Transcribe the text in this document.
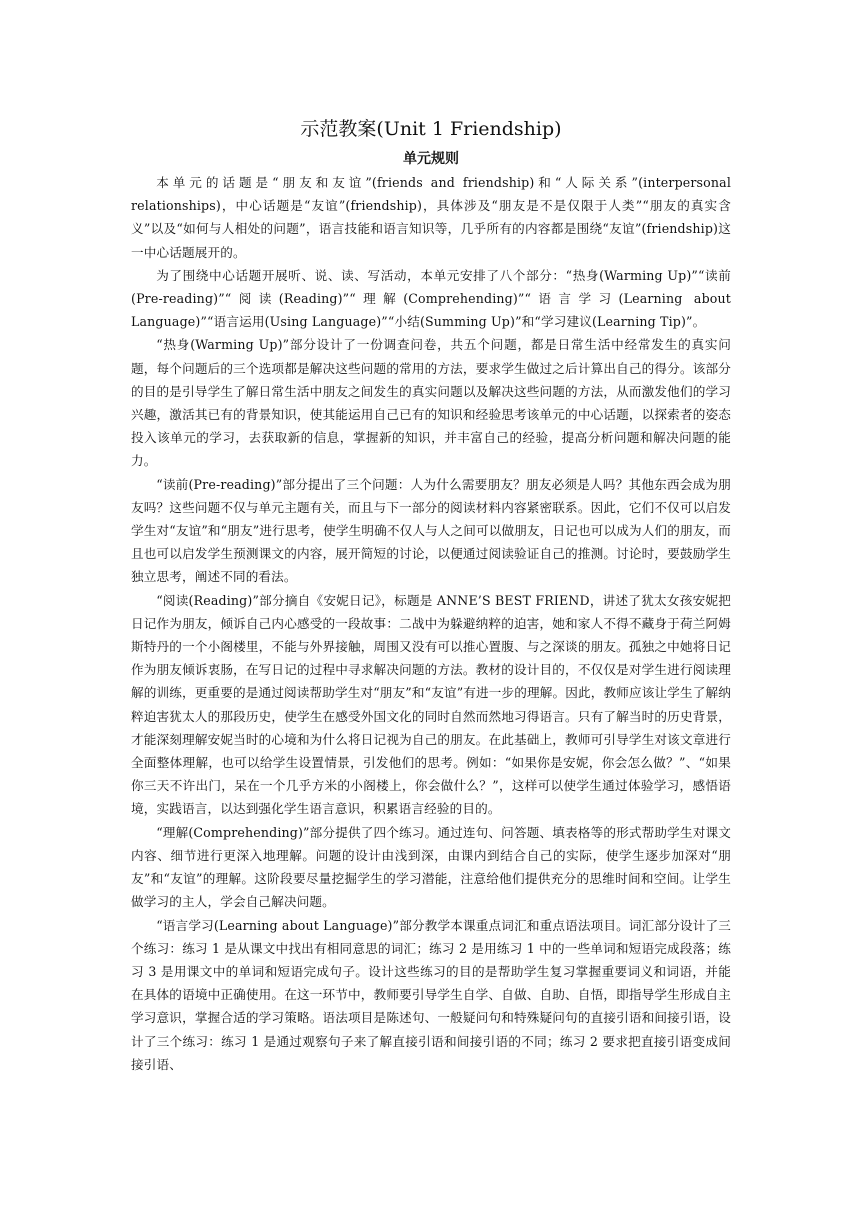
示范教案(Unit 1 Friendship)
单元规则

本单元的话题是“朋友和友谊”(friends and friendship)和“人际关系”(interpersonal relationships)，中心话题是“友谊”(friendship)，具体涉及“朋友是不是仅限于人类”“朋友的真实含义”以及“如何与人相处的问题”，语言技能和语言知识等，几乎所有的内容都是围绕“友谊”(friendship)这一中心话题展开的。

为了围绕中心话题开展听、说、读、写活动，本单元安排了八个部分：“热身(Warming Up)”“读前(Pre-reading)”“阅读(Reading)”“理解(Comprehending)”“语言学习(Learning about Language)”“语言运用(Using Language)”“小结(Summing Up)”和“学习建议(Learning Tip)”。

“热身(Warming Up)”部分设计了一份调查问卷，共五个问题，都是日常生活中经常发生的真实问题，每个问题后的三个选项都是解决这些问题的常用的方法，要求学生做过之后计算出自己的得分。该部分的目的是引导学生了解日常生活中朋友之间发生的真实问题以及解决这些问题的方法，从而激发他们的学习兴趣，激活其已有的背景知识，使其能运用自己已有的知识和经验思考该单元的中心话题，以探索者的姿态投入该单元的学习，去获取新的信息，掌握新的知识，并丰富自己的经验，提高分析问题和解决问题的能力。

“读前(Pre-reading)”部分提出了三个问题：人为什么需要朋友？朋友必须是人吗？其他东西会成为朋友吗？这些问题不仅与单元主题有关，而且与下一部分的阅读材料内容紧密联系。因此，它们不仅可以启发学生对“友谊”和“朋友”进行思考，使学生明确不仅人与人之间可以做朋友，日记也可以成为人们的朋友，而且也可以启发学生预测课文的内容，展开简短的讨论，以便通过阅读验证自己的推测。讨论时，要鼓励学生独立思考，阐述不同的看法。

“阅读(Reading)”部分摘自《安妮日记》，标题是 ANNE’S BEST FRIEND，讲述了犹太女孩安妮把日记作为朋友，倾诉自己内心感受的一段故事：二战中为躲避纳粹的迫害，她和家人不得不藏身于荷兰阿姆斯特丹的一个小阁楼里，不能与外界接触，周围又没有可以推心置腹、与之深谈的朋友。孤独之中她将日记作为朋友倾诉衷肠，在写日记的过程中寻求解决问题的方法。教材的设计目的，不仅仅是对学生进行阅读理解的训练，更重要的是通过阅读帮助学生对“朋友”和“友谊”有进一步的理解。因此，教师应该让学生了解纳粹迫害犹太人的那段历史，使学生在感受外国文化的同时自然而然地习得语言。只有了解当时的历史背景，才能深刻理解安妮当时的心境和为什么将日记视为自己的朋友。在此基础上，教师可引导学生对该文章进行全面整体理解，也可以给学生设置情景，引发他们的思考。例如：“如果你是安妮，你会怎么做？”、“如果你三天不许出门，呆在一个几乎方米的小阁楼上，你会做什么？”，这样可以使学生通过体验学习，感悟语境，实践语言，以达到强化学生语言意识，积累语言经验的目的。

“理解(Comprehending)”部分提供了四个练习。通过连句、问答题、填表格等的形式帮助学生对课文内容、细节进行更深入地理解。问题的设计由浅到深，由课内到结合自己的实际，使学生逐步加深对“朋友”和“友谊”的理解。这阶段要尽量挖掘学生的学习潜能，注意给他们提供充分的思维时间和空间。让学生做学习的主人，学会自己解决问题。

“语言学习(Learning about Language)”部分教学本课重点词汇和重点语法项目。词汇部分设计了三个练习：练习 1 是从课文中找出有相同意思的词汇；练习 2 是用练习 1 中的一些单词和短语完成段落；练习 3 是用课文中的单词和短语完成句子。设计这些练习的目的是帮助学生复习掌握重要词义和词语，并能在具体的语境中正确使用。在这一环节中，教师要引导学生自学、自做、自助、自悟，即指导学生形成自主学习意识，掌握合适的学习策略。语法项目是陈述句、一般疑问句和特殊疑问句的直接引语和间接引语，设计了三个练习：练习 1 是通过观察句子来了解直接引语和间接引语的不同；练习 2 要求把直接引语变成间接引语、
